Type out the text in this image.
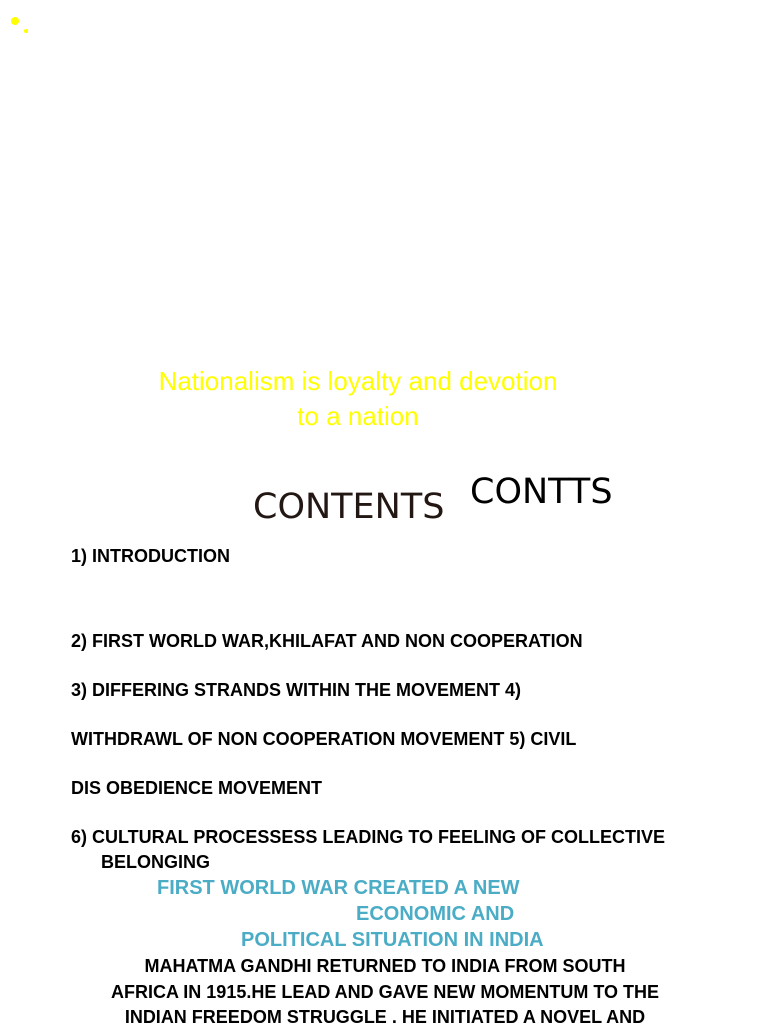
Nationalism is loyalty and devotion
to a nation
CONTENTS CONTTS
1) INTRODUCTION
2) FIRST WORLD WAR,KHILAFAT AND NON COOPERATION
3) DIFFERING STRANDS WITHIN THE MOVEMENT 4)
WITHDRAWL OF NON COOPERATION MOVEMENT 5) CIVIL
DIS OBEDIENCE MOVEMENT
6) CULTURAL PROCESSESS LEADING TO FEELING OF COLLECTIVE
BELONGING
FIRST WORLD WAR CREATED A NEW
ECONOMIC AND
POLITICAL SITUATION IN INDIA
MAHATMA GANDHI RETURNED TO INDIA FROM SOUTH
AFRICA IN 1915.HE LEAD AND GAVE NEW MOMENTUM TO THE
INDIAN FREEDOM STRUGGLE . HE INITIATED A NOVEL AND
